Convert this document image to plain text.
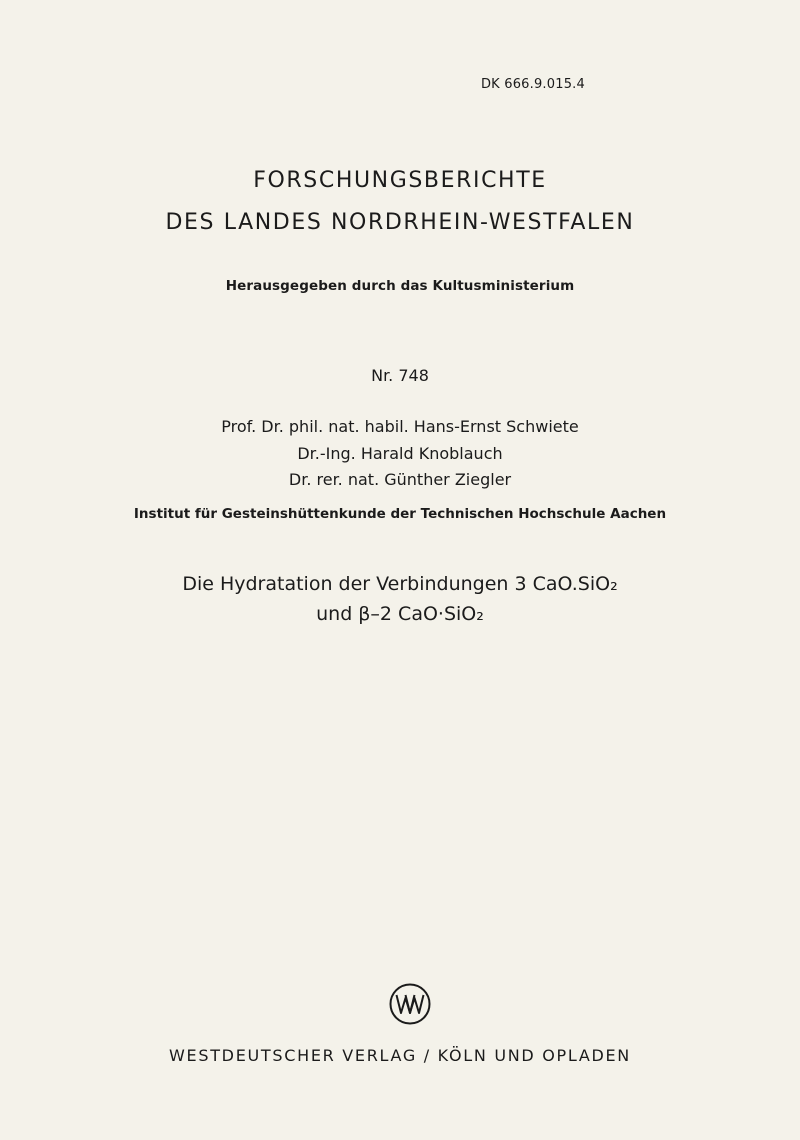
DK 666.9.015.4
FORSCHUNGSBERICHTE
DES LANDES NORDRHEIN-WESTFALEN
Herausgegeben durch das Kultusministerium
Nr. 748
Prof. Dr. phil. nat. habil. Hans-Ernst Schwiete
Dr.-Ing. Harald Knoblauch
Dr. rer. nat. Günther Ziegler
Institut für Gesteinshüttenkunde der Technischen Hochschule Aachen
Die Hydratation der Verbindungen 3 CaO.SiO₂
und β–2 CaO·SiO₂
WESTDEUTSCHER VERLAG / KÖLN UND OPLADEN
